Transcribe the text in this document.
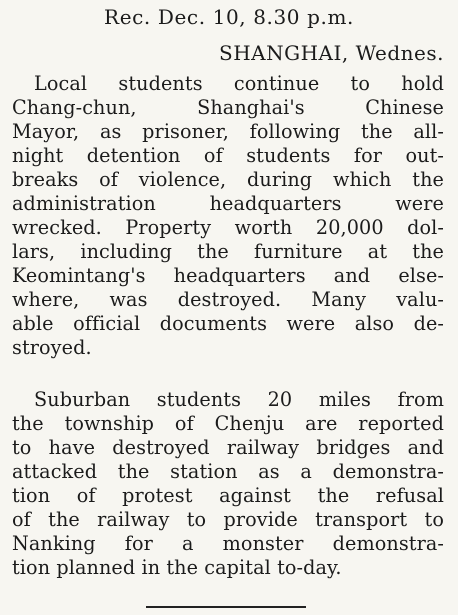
Rec. Dec. 10, 8.30 p.m.
SHANGHAI, Wednes.
Local students continue to hold
Chang-chun, Shanghai's Chinese
Mayor, as prisoner, following the all-
night detention of students for out-
breaks of violence, during which the
administration headquarters were
wrecked. Property worth 20,000 dol-
lars, including the furniture at the
Keomintang's headquarters and else-
where, was destroyed. Many valu-
able official documents were also de-
stroyed.
Suburban students 20 miles from
the township of Chenju are reported
to have destroyed railway bridges and
attacked the station as a demonstra-
tion of protest against the refusal
of the railway to provide transport to
Nanking for a monster demonstra-
tion planned in the capital to-day.
